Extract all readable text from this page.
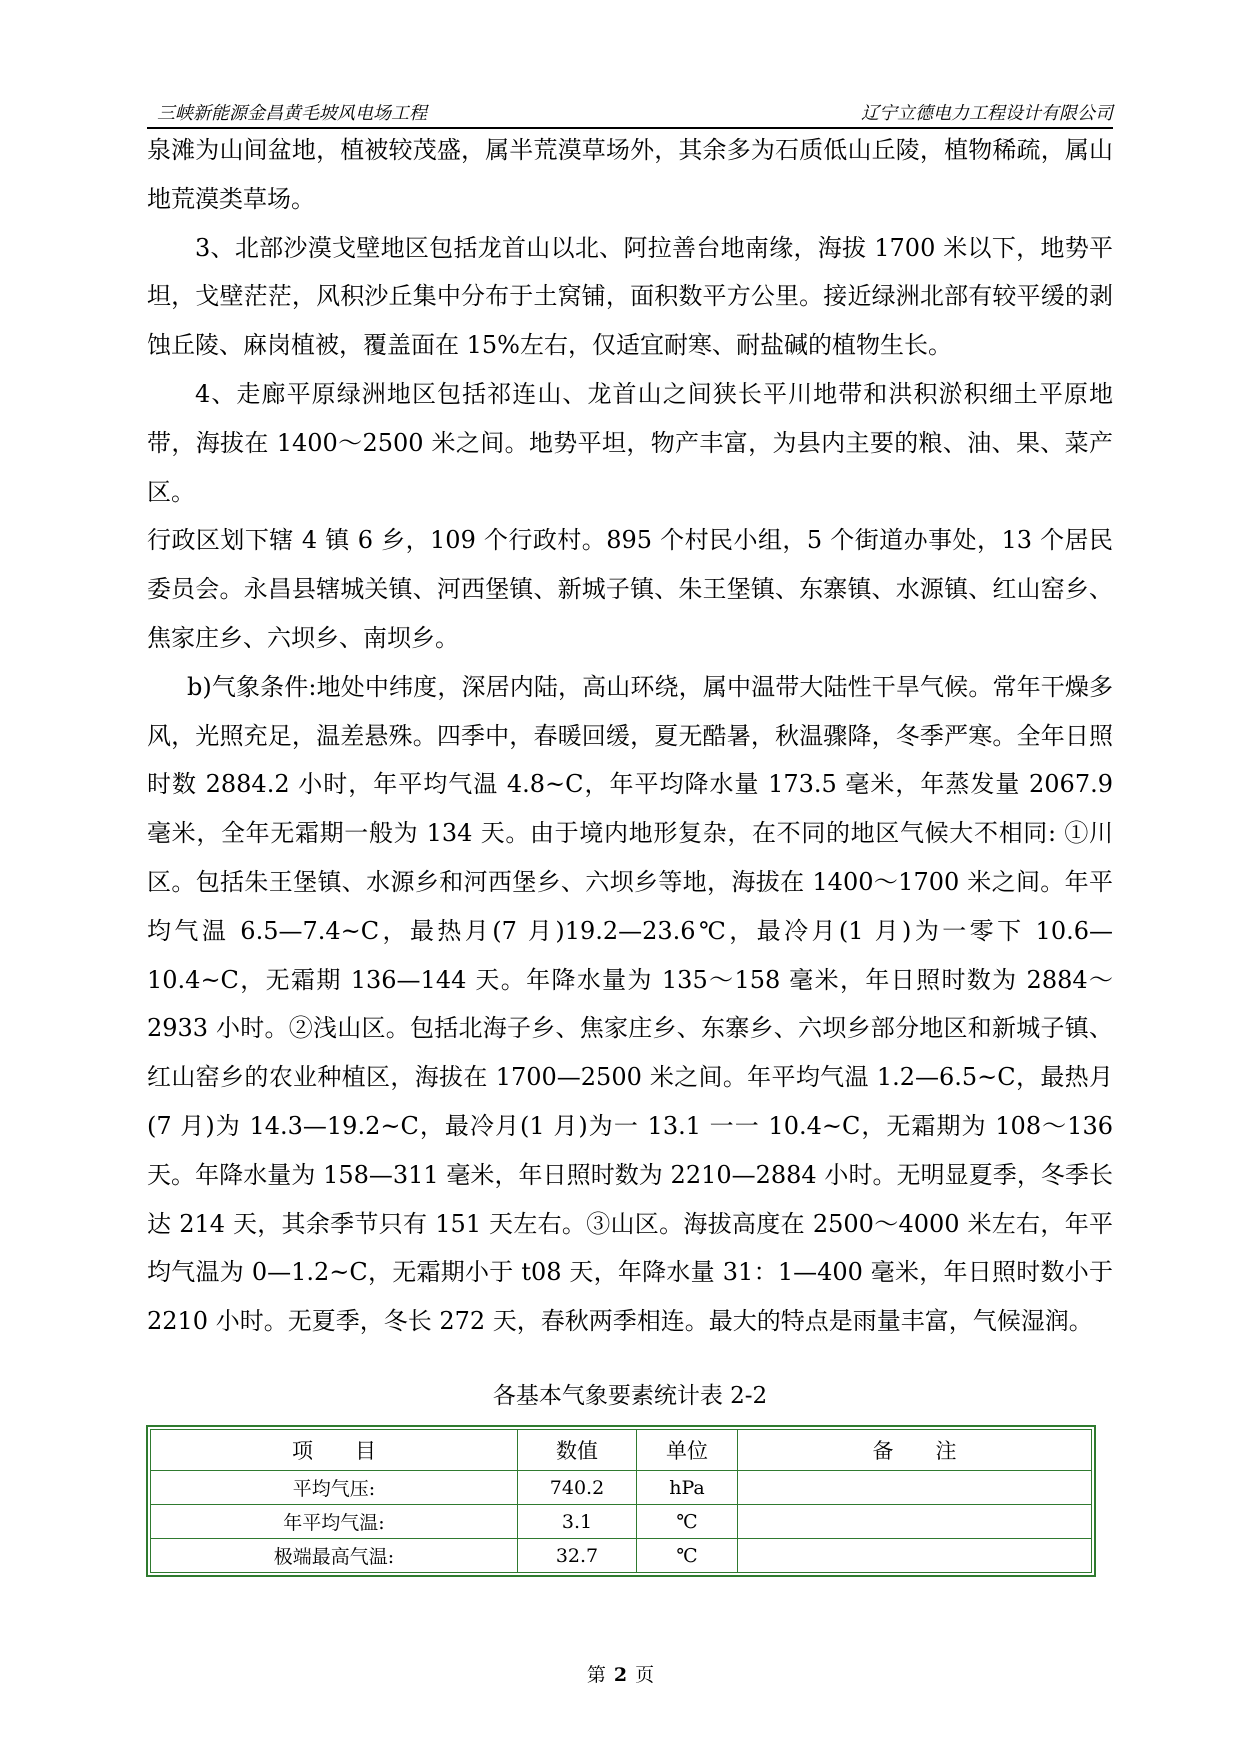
三峡新能源金昌黄毛坡风电场工程	辽宁立德电力工程设计有限公司

泉滩为山间盆地，植被较茂盛，属半荒漠草场外，其余多为石质低山丘陵，植物稀疏，属山地荒漠类草场。

3、北部沙漠戈壁地区包括龙首山以北、阿拉善台地南缘，海拔 1700 米以下，地势平坦，戈壁茫茫，风积沙丘集中分布于土窝铺，面积数平方公里。接近绿洲北部有较平缓的剥蚀丘陵、麻岗植被，覆盖面在 15%左右，仅适宜耐寒、耐盐碱的植物生长。

4、走廊平原绿洲地区包括祁连山、龙首山之间狭长平川地带和洪积淤积细土平原地带，海拔在 1400～2500 米之间。地势平坦，物产丰富，为县内主要的粮、油、果、菜产区。

行政区划下辖 4 镇 6 乡，109 个行政村。895 个村民小组，5 个街道办事处，13 个居民委员会。永昌县辖城关镇、河西堡镇、新城子镇、朱王堡镇、东寨镇、水源镇、红山窑乡、焦家庄乡、六坝乡、南坝乡。

b)气象条件:地处中纬度，深居内陆，高山环绕，属中温带大陆性干旱气候。常年干燥多风，光照充足，温差悬殊。四季中，春暖回缓，夏无酷暑，秋温骤降，冬季严寒。全年日照时数 2884.2 小时，年平均气温 4.8~C，年平均降水量 173.5 毫米，年蒸发量 2067.9 毫米，全年无霜期一般为 134 天。由于境内地形复杂，在不同的地区气候大不相同: ①川区。包括朱王堡镇、水源乡和河西堡乡、六坝乡等地，海拔在 1400～1700 米之间。年平均气温 6.5—7.4~C，最热月(7 月)19.2—23.6℃，最冷月(1 月)为一零下 10.6—10.4~C，无霜期 136—144 天。年降水量为 135～158 毫米，年日照时数为 2884～2933 小时。②浅山区。包括北海子乡、焦家庄乡、东寨乡、六坝乡部分地区和新城子镇、红山窑乡的农业种植区，海拔在 1700—2500 米之间。年平均气温 1.2—6.5~C，最热月(7 月)为 14.3—19.2~C，最冷月(1 月)为一 13.1 一一 10.4~C，无霜期为 108～136 天。年降水量为 158—311 毫米，年日照时数为 2210—2884 小时。无明显夏季，冬季长达 214 天，其余季节只有 151 天左右。③山区。海拔高度在 2500～4000 米左右，年平均气温为 0—1.2~C，无霜期小于 t08 天，年降水量 31：1—400 毫米，年日照时数小于 2210 小时。无夏季，冬长 272 天，春秋两季相连。最大的特点是雨量丰富，气候湿润。

各基本气象要素统计表 2-2
项　　目	数值	单位	备　　注
平均气压:	740.2	hPa	
年平均气温:	3.1	℃	
极端最高气温:	32.7	℃	
第 2 页
